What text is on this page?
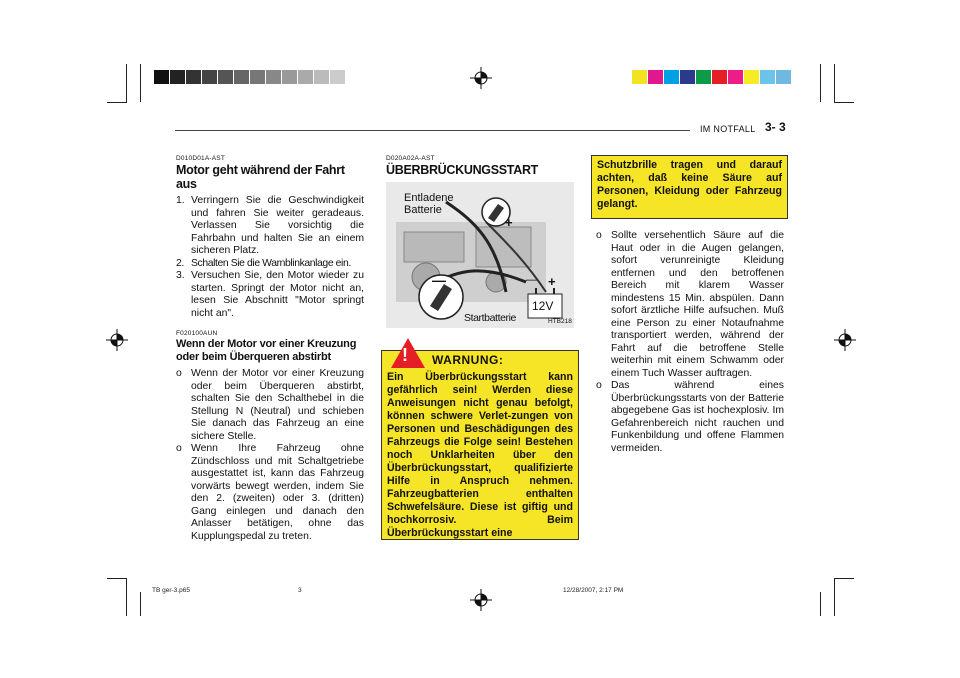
IM NOTFALL 3- 3
D010D01A-AST
Motor geht während der Fahrt aus
1. Verringern Sie die Geschwindigkeit und fahren Sie weiter geradeaus. Verlassen Sie vorsichtig die Fahrbahn und halten Sie an einem sicheren Platz.
2. Schalten Sie die Warnblinkanlage ein.
3. Versuchen Sie, den Motor wieder zu starten. Springt der Motor nicht an, lesen Sie Abschnitt "Motor springt nicht an".
F020100AUN
Wenn der Motor vor einer Kreuzung oder beim Überqueren abstirbt
o Wenn der Motor vor einer Kreuzung oder beim Überqueren abstirbt, schalten Sie den Schalthebel in die Stellung N (Neutral) und schieben Sie danach das Fahrzeug an eine sichere Stelle.
o Wenn Ihre Fahrzeug ohne Zündschloss und mit Schaltgetriebe ausgestattet ist, kann das Fahrzeug vorwärts bewegt werden, indem Sie den 2. (zweiten) oder 3. (dritten) Gang einlegen und danach den Anlasser betätigen, ohne das Kupplungspedal zu treten.
D020A02A-AST
ÜBERBRÜCKUNGSSTART
Entladene
Batterie
+
—	— +
12V
Startbatterie	HTB218
! WARNUNG:
Ein Überbrückungsstart kann gefährlich sein! Werden diese Anweisungen nicht genau befolgt, können schwere Verlet-zungen von Personen und Beschädigungen des Fahrzeugs die Folge sein! Bestehen noch Unklarheiten über den Überbrückungsstart, qualifizierte Hilfe in Anspruch nehmen. Fahrzeugbatterien enthalten Schwefelsäure. Diese ist giftig und hochkorrosiv. Beim Überbrückungsstart eine
Schutzbrille tragen und darauf achten, daß keine Säure auf Personen, Kleidung oder Fahrzeug gelangt.
o Sollte versehentlich Säure auf die Haut oder in die Augen gelangen, sofort verunreinigte Kleidung entfernen und den betroffenen Bereich mit klarem Wasser mindestens 15 Min. abspülen. Dann sofort ärztliche Hilfe aufsuchen. Muß eine Person zu einer Notaufnahme transportiert werden, während der Fahrt auf die betroffene Stelle weiterhin mit einem Schwamm oder einem Tuch Wasser auftragen.
o Das während eines Überbrückungsstarts von der Batterie abgegebene Gas ist hochexplosiv. Im Gefahrenbereich nicht rauchen und Funkenbildung und offene Flammen vermeiden.
TB ger-3.p65	3	12/28/2007, 2:17 PM
